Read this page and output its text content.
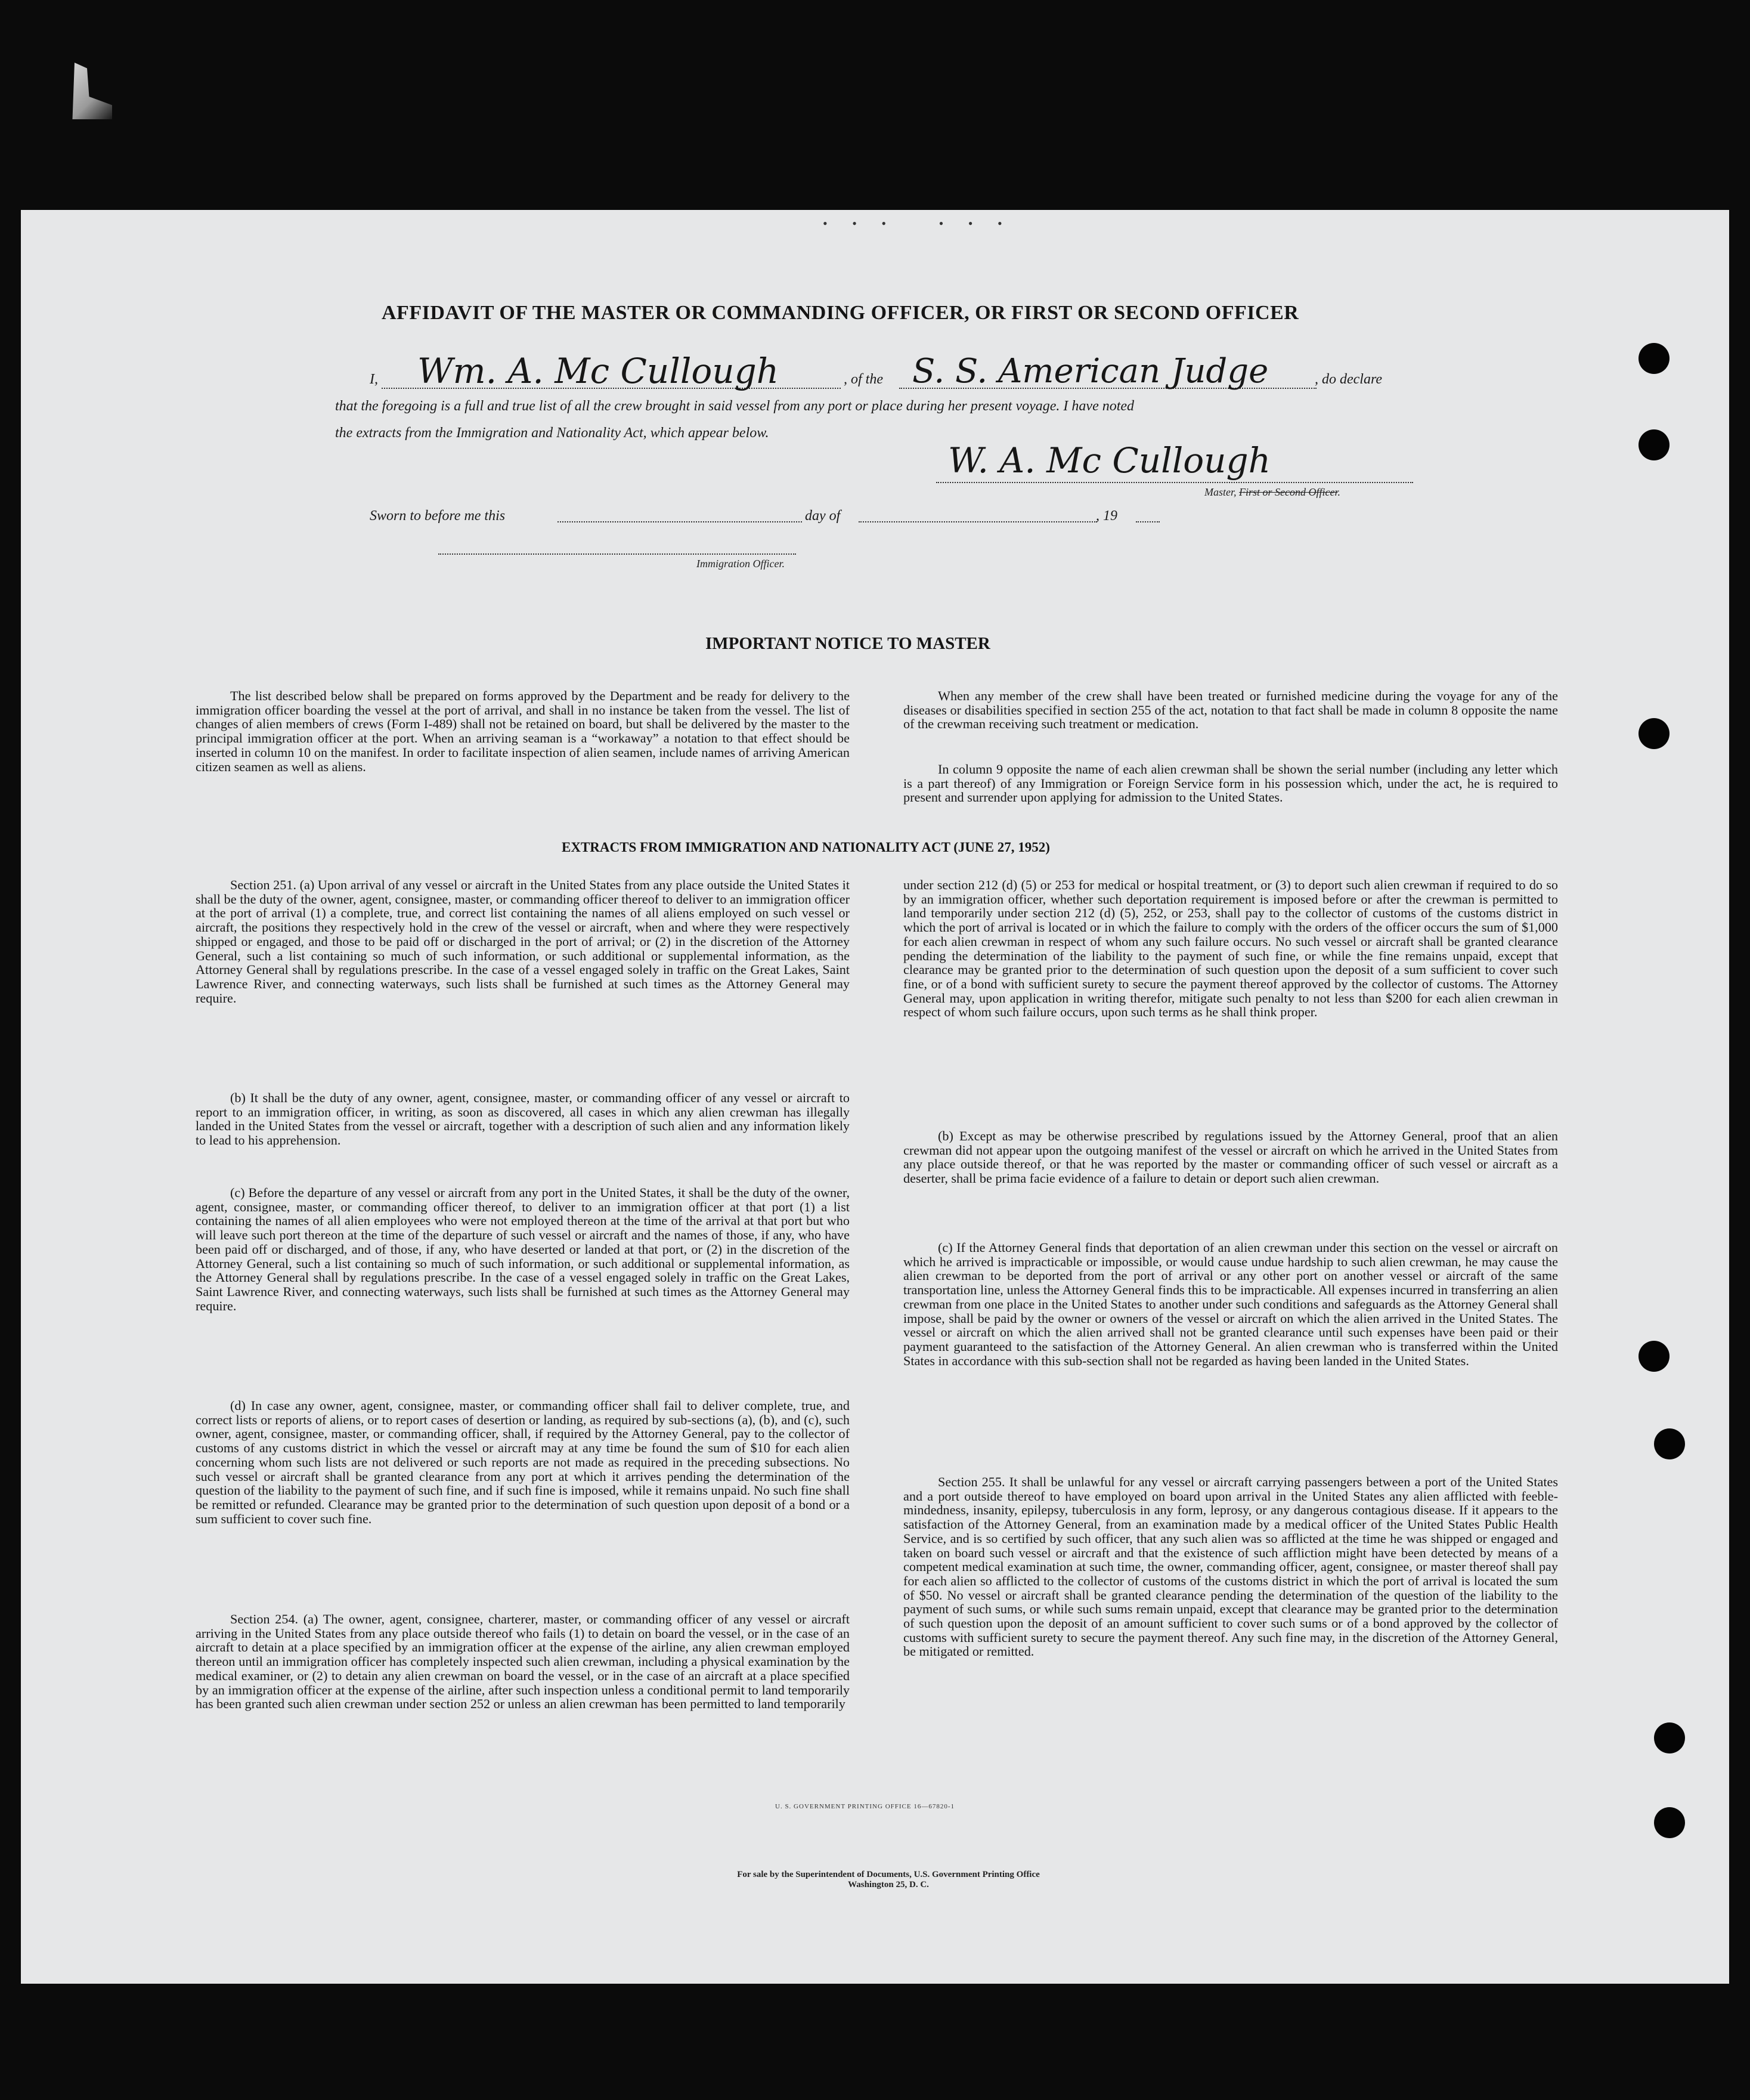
• • •   • • •
AFFIDAVIT OF THE MASTER OR COMMANDING OFFICER, OR FIRST OR SECOND OFFICER
I, Wm. A. Mc Cullough	, of the S. S. American Judge	, do declare
that the foregoing is a full and true list of all the crew brought in said vessel from any port or place during her present voyage. I have noted
the extracts from the Immigration and Nationality Act, which appear below.
W. A. Mc Cullough
Master, First or Second Officer.
Sworn to before me this	day of	, 19
Immigration Officer.
IMPORTANT NOTICE TO MASTER

The list described below shall be prepared on forms approved by the Department and be ready for delivery to the immigration officer boarding the vessel at the port of arrival, and shall in no instance be taken from the vessel. The list of changes of alien members of crews (Form I-489) shall not be retained on board, but shall be delivered by the master to the principal immigration officer at the port. When an arriving seaman is a “workaway” a notation to that effect should be inserted in column 10 on the manifest. In order to facilitate inspection of alien seamen, include names of arriving American citizen seamen as well as aliens.

When any member of the crew shall have been treated or furnished medicine during the voyage for any of the diseases or disabilities specified in section 255 of the act, notation to that fact shall be made in column 8 opposite the name of the crewman receiving such treatment or medication.

In column 9 opposite the name of each alien crewman shall be shown the serial number (including any letter which is a part thereof) of any Immigration or Foreign Service form in his possession which, under the act, he is required to present and surrender upon applying for admission to the United States.

EXTRACTS FROM IMMIGRATION AND NATIONALITY ACT (JUNE 27, 1952)

Section 251. (a) Upon arrival of any vessel or aircraft in the United States from any place outside the United States it shall be the duty of the owner, agent, consignee, master, or commanding officer thereof to deliver to an immigration officer at the port of arrival (1) a complete, true, and correct list containing the names of all aliens employed on such vessel or aircraft, the positions they respectively hold in the crew of the vessel or aircraft, when and where they were respectively shipped or engaged, and those to be paid off or discharged in the port of arrival; or (2) in the discretion of the Attorney General, such a list containing so much of such information, or such additional or supplemental information, as the Attorney General shall by regulations prescribe. In the case of a vessel engaged solely in traffic on the Great Lakes, Saint Lawrence River, and connecting waterways, such lists shall be furnished at such times as the Attorney General may require.

(b) It shall be the duty of any owner, agent, consignee, master, or commanding officer of any vessel or aircraft to report to an immigration officer, in writing, as soon as discovered, all cases in which any alien crewman has illegally landed in the United States from the vessel or aircraft, together with a description of such alien and any information likely to lead to his apprehension.

(c) Before the departure of any vessel or aircraft from any port in the United States, it shall be the duty of the owner, agent, consignee, master, or commanding officer thereof, to deliver to an immigration officer at that port (1) a list containing the names of all alien employees who were not employed thereon at the time of the arrival at that port but who will leave such port thereon at the time of the departure of such vessel or aircraft and the names of those, if any, who have been paid off or discharged, and of those, if any, who have deserted or landed at that port, or (2) in the discretion of the Attorney General, such a list containing so much of such information, or such additional or supplemental information, as the Attorney General shall by regulations prescribe. In the case of a vessel engaged solely in traffic on the Great Lakes, Saint Lawrence River, and connecting waterways, such lists shall be furnished at such times as the Attorney General may require.

(d) In case any owner, agent, consignee, master, or commanding officer shall fail to deliver complete, true, and correct lists or reports of aliens, or to report cases of desertion or landing, as required by sub-sections (a), (b), and (c), such owner, agent, consignee, master, or commanding officer, shall, if required by the Attorney General, pay to the collector of customs of any customs district in which the vessel or aircraft may at any time be found the sum of $10 for each alien concerning whom such lists are not delivered or such reports are not made as required in the preceding subsections. No such vessel or aircraft shall be granted clearance from any port at which it arrives pending the determination of the question of the liability to the payment of such fine, and if such fine is imposed, while it remains unpaid. No such fine shall be remitted or refunded. Clearance may be granted prior to the determination of such question upon deposit of a bond or a sum sufficient to cover such fine.

Section 254. (a) The owner, agent, consignee, charterer, master, or commanding officer of any vessel or aircraft arriving in the United States from any place outside thereof who fails (1) to detain on board the vessel, or in the case of an aircraft to detain at a place specified by an immigration officer at the expense of the airline, any alien crewman employed thereon until an immigration officer has completely inspected such alien crewman, including a physical examination by the medical examiner, or (2) to detain any alien crewman on board the vessel, or in the case of an aircraft at a place specified by an immigration officer at the expense of the airline, after such inspection unless a conditional permit to land temporarily has been granted such alien crewman under section 252 or unless an alien crewman has been permitted to land temporarily

under section 212 (d) (5) or 253 for medical or hospital treatment, or (3) to deport such alien crewman if required to do so by an immigration officer, whether such deportation requirement is imposed before or after the crewman is permitted to land temporarily under section 212 (d) (5), 252, or 253, shall pay to the collector of customs of the customs district in which the port of arrival is located or in which the failure to comply with the orders of the officer occurs the sum of $1,000 for each alien crewman in respect of whom any such failure occurs. No such vessel or aircraft shall be granted clearance pending the determination of the liability to the payment of such fine, or while the fine remains unpaid, except that clearance may be granted prior to the determination of such question upon the deposit of a sum sufficient to cover such fine, or of a bond with sufficient surety to secure the payment thereof approved by the collector of customs. The Attorney General may, upon application in writing therefor, mitigate such penalty to not less than $200 for each alien crewman in respect of whom such failure occurs, upon such terms as he shall think proper.

(b) Except as may be otherwise prescribed by regulations issued by the Attorney General, proof that an alien crewman did not appear upon the outgoing manifest of the vessel or aircraft on which he arrived in the United States from any place outside thereof, or that he was reported by the master or commanding officer of such vessel or aircraft as a deserter, shall be prima facie evidence of a failure to detain or deport such alien crewman.

(c) If the Attorney General finds that deportation of an alien crewman under this section on the vessel or aircraft on which he arrived is impracticable or impossible, or would cause undue hardship to such alien crewman, he may cause the alien crewman to be deported from the port of arrival or any other port on another vessel or aircraft of the same transportation line, unless the Attorney General finds this to be impracticable. All expenses incurred in transferring an alien crewman from one place in the United States to another under such conditions and safeguards as the Attorney General shall impose, shall be paid by the owner or owners of the vessel or aircraft on which the alien arrived in the United States. The vessel or aircraft on which the alien arrived shall not be granted clearance until such expenses have been paid or their payment guaranteed to the satisfaction of the Attorney General. An alien crewman who is transferred within the United States in accordance with this sub-section shall not be regarded as having been landed in the United States.

Section 255. It shall be unlawful for any vessel or aircraft carrying passengers between a port of the United States and a port outside thereof to have employed on board upon arrival in the United States any alien afflicted with feeble-mindedness, insanity, epilepsy, tuberculosis in any form, leprosy, or any dangerous contagious disease. If it appears to the satisfaction of the Attorney General, from an examination made by a medical officer of the United States Public Health Service, and is so certified by such officer, that any such alien was so afflicted at the time he was shipped or engaged and taken on board such vessel or aircraft and that the existence of such affliction might have been detected by means of a competent medical examination at such time, the owner, commanding officer, agent, consignee, or master thereof shall pay for each alien so afflicted to the collector of customs of the customs district in which the port of arrival is located the sum of $50. No vessel or aircraft shall be granted clearance pending the determination of the question of the liability to the payment of such sums, or while such sums remain unpaid, except that clearance may be granted prior to the determination of such question upon the deposit of an amount sufficient to cover such sums or of a bond approved by the collector of customs with sufficient surety to secure the payment thereof. Any such fine may, in the discretion of the Attorney General, be mitigated or remitted.

U. S. GOVERNMENT PRINTING OFFICE 16—67820-1
For sale by the Superintendent of Documents, U.S. Government Printing Office
Washington 25, D. C.
